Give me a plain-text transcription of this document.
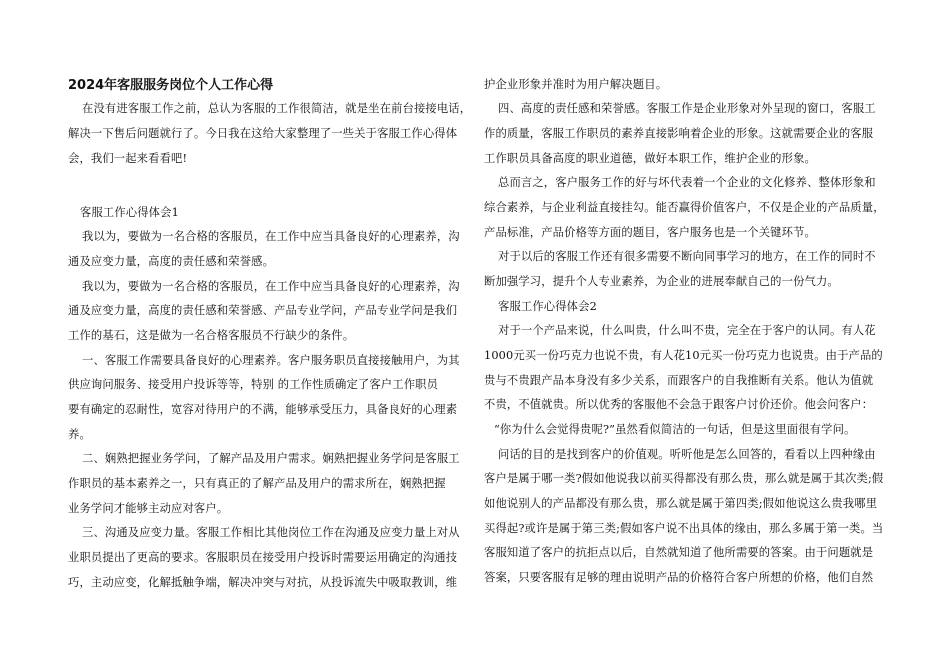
2024年客服服务岗位个人工作心得

在没有进客服工作之前，总认为客服的工作很简洁，就是坐在前台接接电话，

解决一下售后问题就行了。今日我在这给大家整理了一些关于客服工作心得体

会，我们一起来看看吧!

客服工作心得体会1

我以为，要做为一名合格的客服员，在工作中应当具备良好的心理素养，沟

通及应变力量，高度的责任感和荣誉感。

我以为，要做为一名合格的客服员，在工作中应当具备良好的心理素养，沟

通及应变力量，高度的责任感和荣誉感、产品专业学问，产品专业学问是我们

工作的基石，这是做为一名合格客服员不行缺少的条件。

一、客服工作需要具备良好的心理素养。客户服务职员直接接触用户，为其

供应询问服务、接受用户投诉等等，特别 的工作性质确定了客户工作职员

要有确定的忍耐性，宽容对待用户的不满，能够承受压力，具备良好的心理素

养。

二、娴熟把握业务学问，了解产品及用户需求。娴熟把握业务学问是客服工

作职员的基本素养之一，只有真正的了解产品及用户的需求所在，娴熟把握

业务学问才能够主动应对客户。

三、沟通及应变力量。客服工作相比其他岗位工作在沟通及应变力量上对从

业职员提出了更高的要求。客服职员在接受用户投诉时需要运用确定的沟通技

巧，主动应变，化解抵触争端，解决冲突与对抗，从投诉流失中吸取教训，维

护企业形象并准时为用户解决题目。

四、高度的责任感和荣誉感。客服工作是企业形象对外呈现的窗口，客服工

作的质量，客服工作职员的素养直接影响着企业的形象。这就需要企业的客服

工作职员具备高度的职业道德，做好本职工作，维护企业的形象。

总而言之，客户服务工作的好与坏代表着一个企业的文化修养、整体形象和

综合素养，与企业利益直接挂勾。能否赢得价值客户，不仅是企业的产品质量，

产品标准，产品价格等方面的题目，客户服务也是一个关键环节。

对于以后的客服工作还有很多需要不断向同事学习的地方，在工作的同时不

断加强学习，提升个人专业素养，为企业的进展奉献自己的一份气力。

客服工作心得体会2

对于一个产品来说，什么叫贵，什么叫不贵，完全在于客户的认同。有人花

1000元买一份巧克力也说不贵，有人花10元买一份巧克力也说贵。由于产品的

贵与不贵跟产品本身没有多少关系，而跟客户的自我推断有关系。他认为值就

不贵，不值就贵。所以优秀的客服他不会急于跟客户讨价还价。他会问客户：

“你为什么会觉得贵呢?”虽然看似简洁的一句话，但是这里面很有学问。

问话的目的是找到客户的价值观。听听他是怎么回答的，看看以上四种缘由

客户是属于哪一类?假如他说我以前买得都没有那么贵，那么就是属于其次类;假

如他说别人的产品都没有那么贵，那么就是属于第四类;假如他说这么贵我哪里

买得起?或许是属于第三类;假如客户说不出具体的缘由，那么多属于第一类。当

客服知道了客户的抗拒点以后，自然就知道了他所需要的答案。由于问题就是

答案，只要客服有足够的理由说明产品的价格符合客户所想的价格，他们自然
